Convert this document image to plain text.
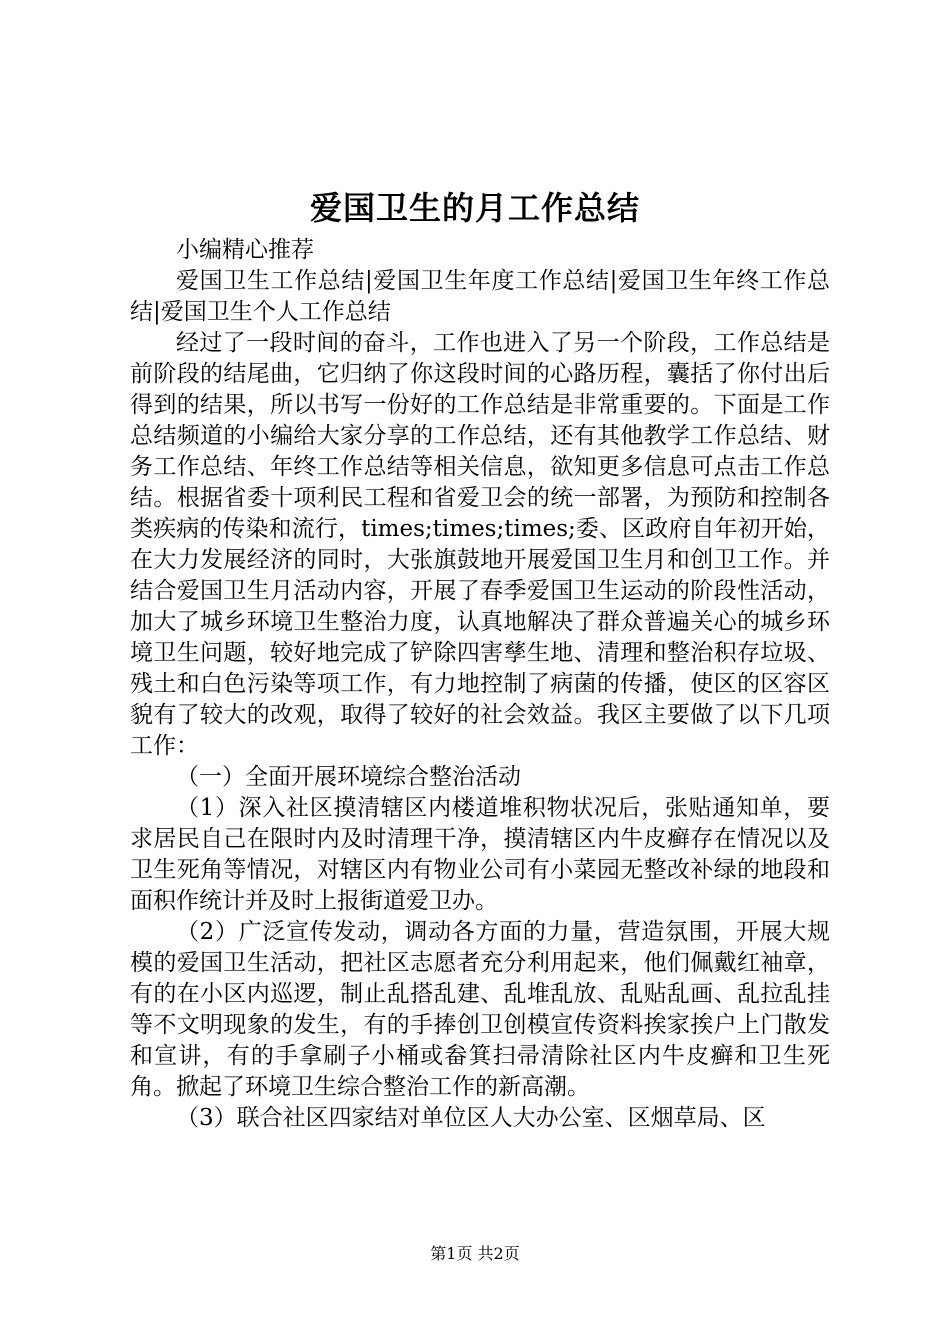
爱国卫生的月工作总结

小编精心推荐

爱国卫生工作总结|爱国卫生年度工作总结|爱国卫生年终工作总结|爱国卫生个人工作总结

经过了一段时间的奋斗，工作也进入了另一个阶段，工作总结是前阶段的结尾曲，它归纳了你这段时间的心路历程，囊括了你付出后得到的结果，所以书写一份好的工作总结是非常重要的。下面是工作总结频道的小编给大家分享的工作总结，还有其他教学工作总结、财务工作总结、年终工作总结等相关信息，欲知更多信息可点击工作总结。根据省委十项利民工程和省爱卫会的统一部署，为预防和控制各类疾病的传染和流行，times;times;times;委、区政府自年初开始，在大力发展经济的同时，大张旗鼓地开展爱国卫生月和创卫工作。并结合爱国卫生月活动内容，开展了春季爱国卫生运动的阶段性活动，加大了城乡环境卫生整治力度，认真地解决了群众普遍关心的城乡环境卫生问题，较好地完成了铲除四害孳生地、清理和整治积存垃圾、残土和白色污染等项工作，有力地控制了病菌的传播，使区的区容区貌有了较大的改观，取得了较好的社会效益。我区主要做了以下几项工作：

（一）全面开展环境综合整治活动

（1）深入社区摸清辖区内楼道堆积物状况后，张贴通知单，要求居民自己在限时内及时清理干净，摸清辖区内牛皮癣存在情况以及卫生死角等情况，对辖区内有物业公司有小菜园无整改补绿的地段和面积作统计并及时上报街道爱卫办。

（2）广泛宣传发动，调动各方面的力量，营造氛围，开展大规模的爱国卫生活动，把社区志愿者充分利用起来，他们佩戴红袖章，有的在小区内巡逻，制止乱搭乱建、乱堆乱放、乱贴乱画、乱拉乱挂等不文明现象的发生，有的手捧创卫创模宣传资料挨家挨户上门散发和宣讲，有的手拿刷子小桶或畚箕扫帚清除社区内牛皮癣和卫生死角。掀起了环境卫生综合整治工作的新高潮。

（3）联合社区四家结对单位区人大办公室、区烟草局、区

第1页 共2页
